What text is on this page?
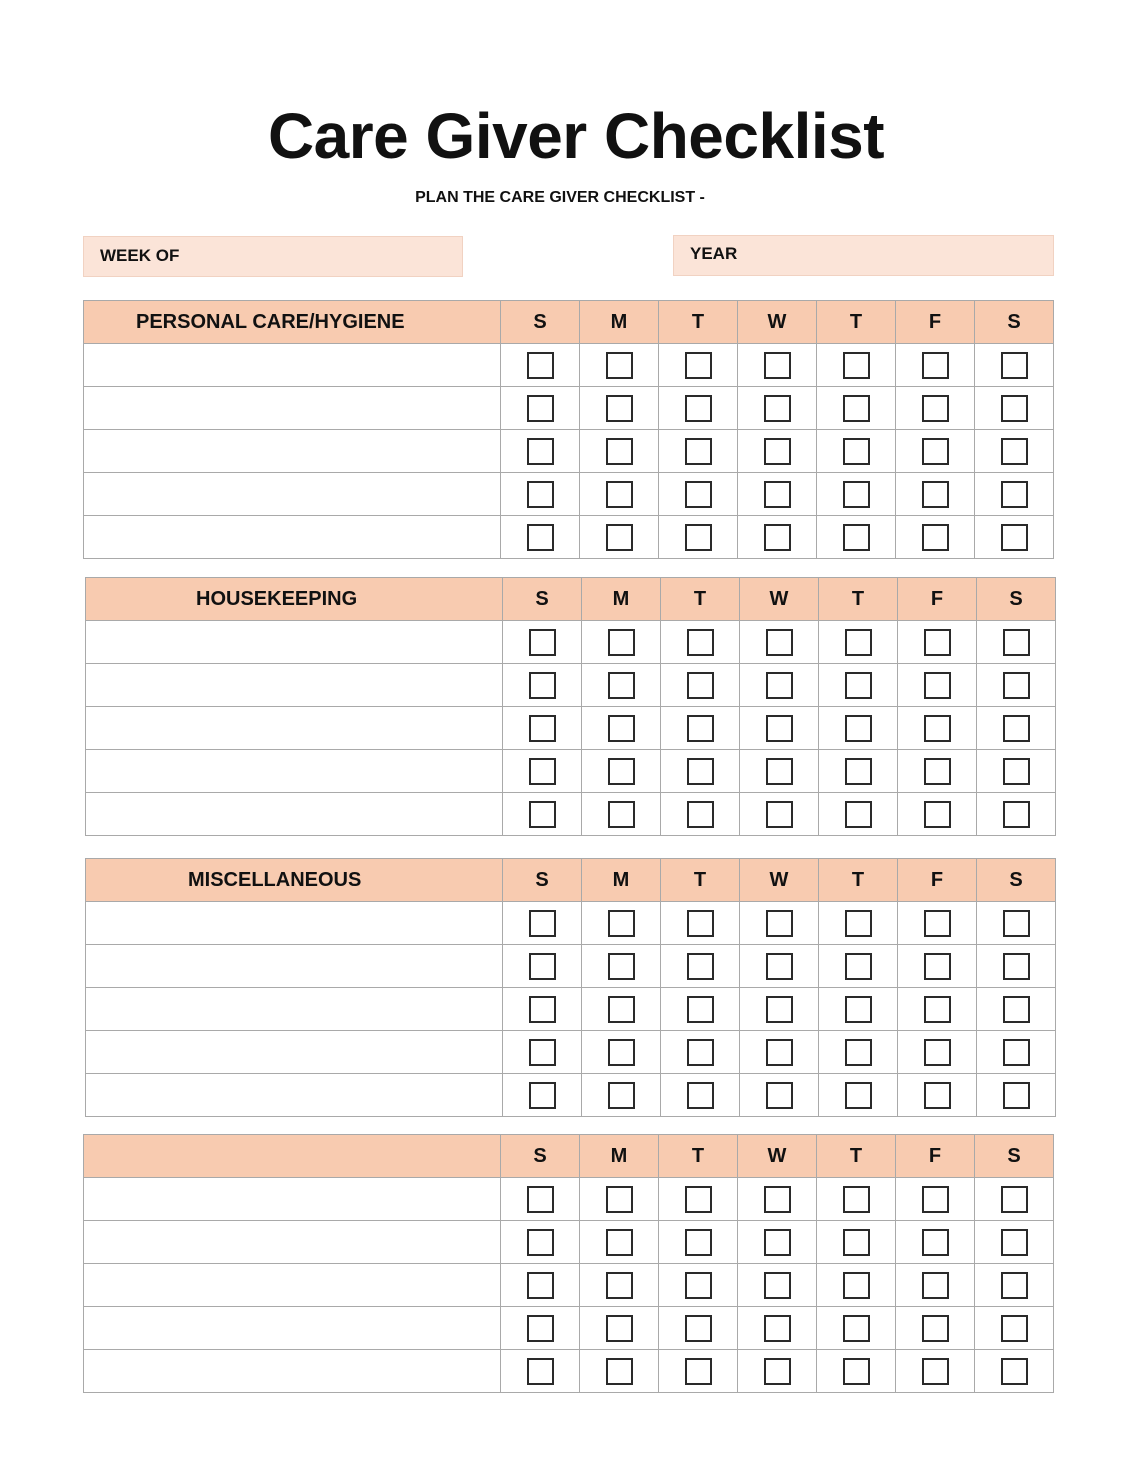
Care Giver Checklist
PLAN THE CARE GIVER CHECKLIST -
WEEK OF	YEAR
PERSONAL CARE/HYGIENE	S	M	T	W	T	F	S

HOUSEKEEPING	S	M	T	W	T	F	S

MISCELLANEOUS	S	M	T	W	T	F	S

	S	M	T	W	T	F	S
